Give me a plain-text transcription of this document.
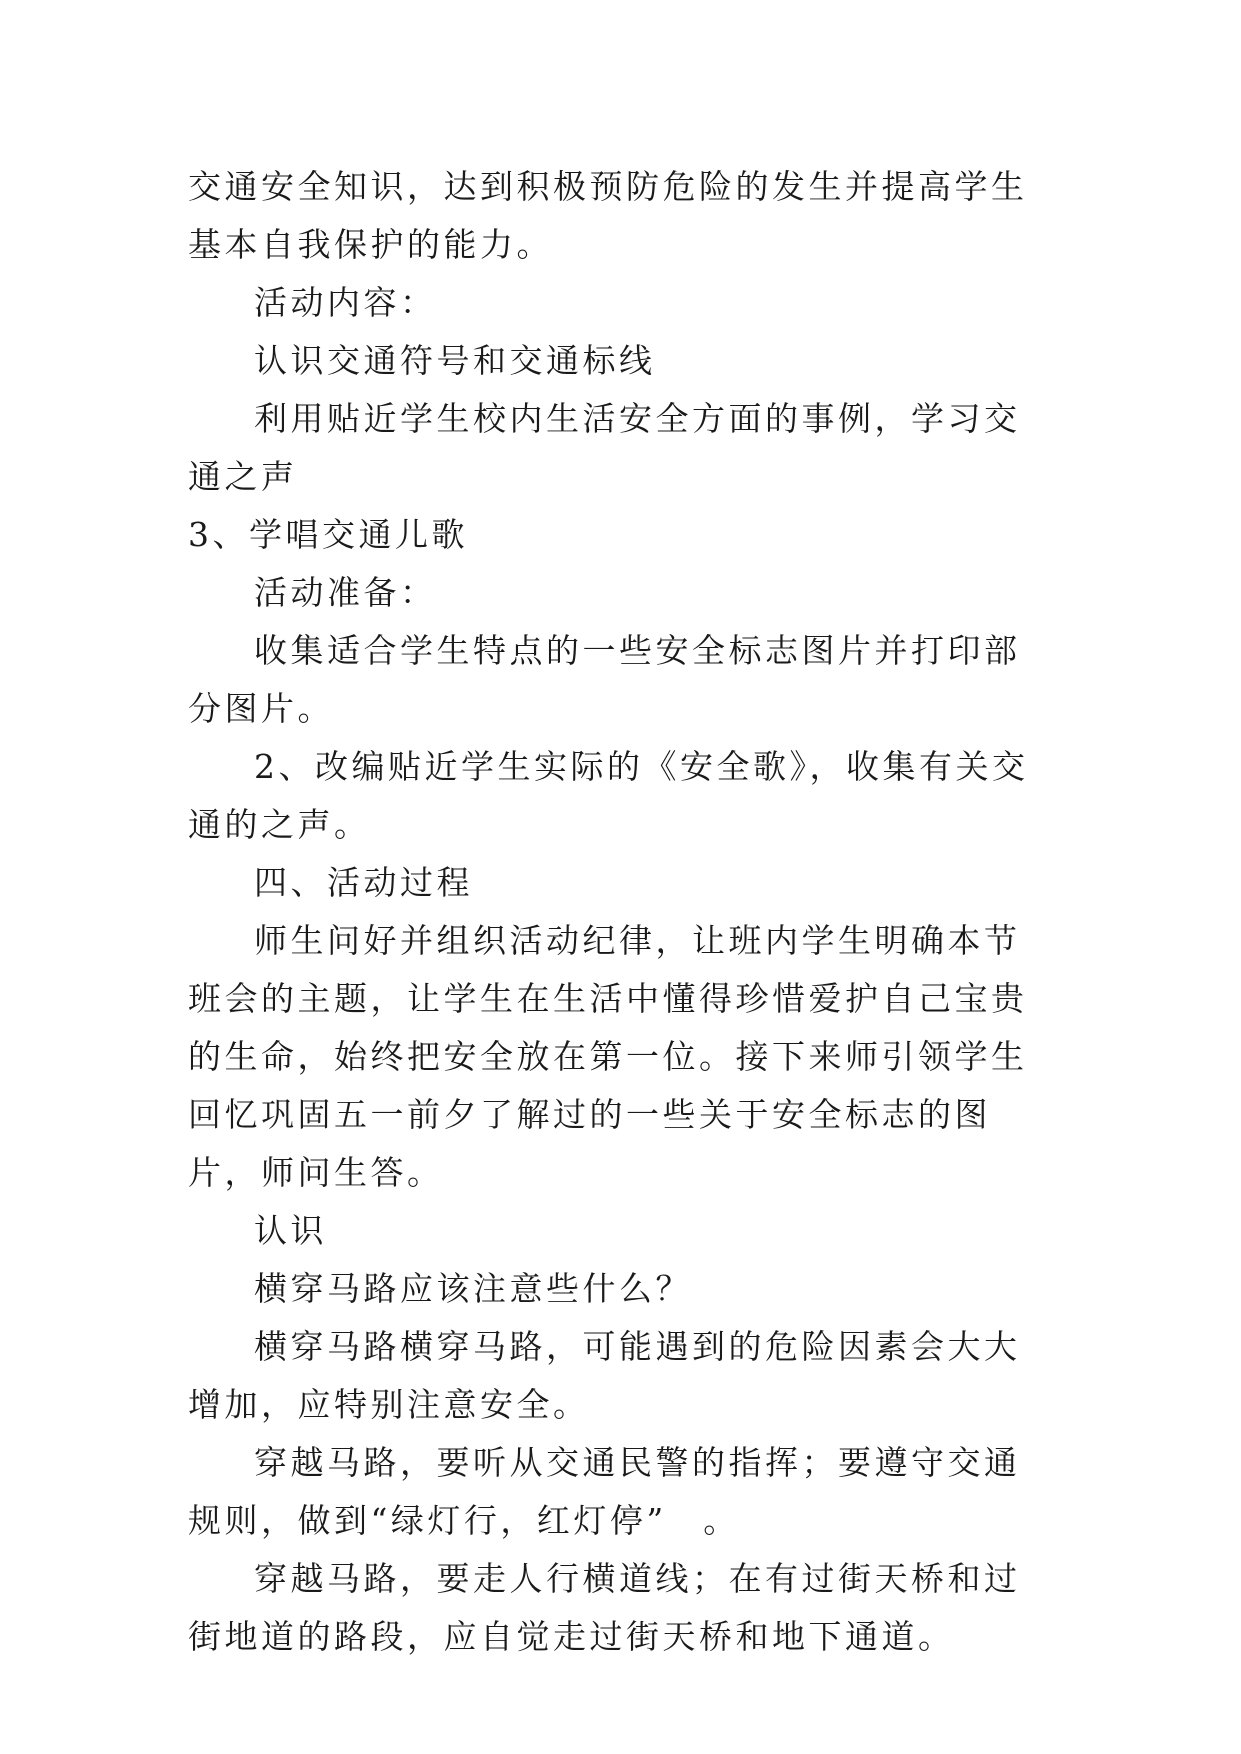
交通安全知识，达到积极预防危险的发生并提高学生基本自我保护的能力。

活动内容：

认识交通符号和交通标线

利用贴近学生校内生活安全方面的事例，学习交通之声

3、学唱交通儿歌

活动准备：

收集适合学生特点的一些安全标志图片并打印部分图片。

2、改编贴近学生实际的《安全歌》，收集有关交通的之声。

四、活动过程

师生问好并组织活动纪律，让班内学生明确本节班会的主题，让学生在生活中懂得珍惜爱护自己宝贵的生命，始终把安全放在第一位。接下来师引领学生回忆巩固五一前夕了解过的一些关于安全标志的图片，师问生答。

认识

横穿马路应该注意些什么？

横穿马路横穿马路，可能遇到的危险因素会大大增加，应特别注意安全。

穿越马路，要听从交通民警的指挥；要遵守交通规则，做到“绿灯行，红灯停”　。

穿越马路，要走人行横道线；在有过街天桥和过街地道的路段，应自觉走过街天桥和地下通道。
